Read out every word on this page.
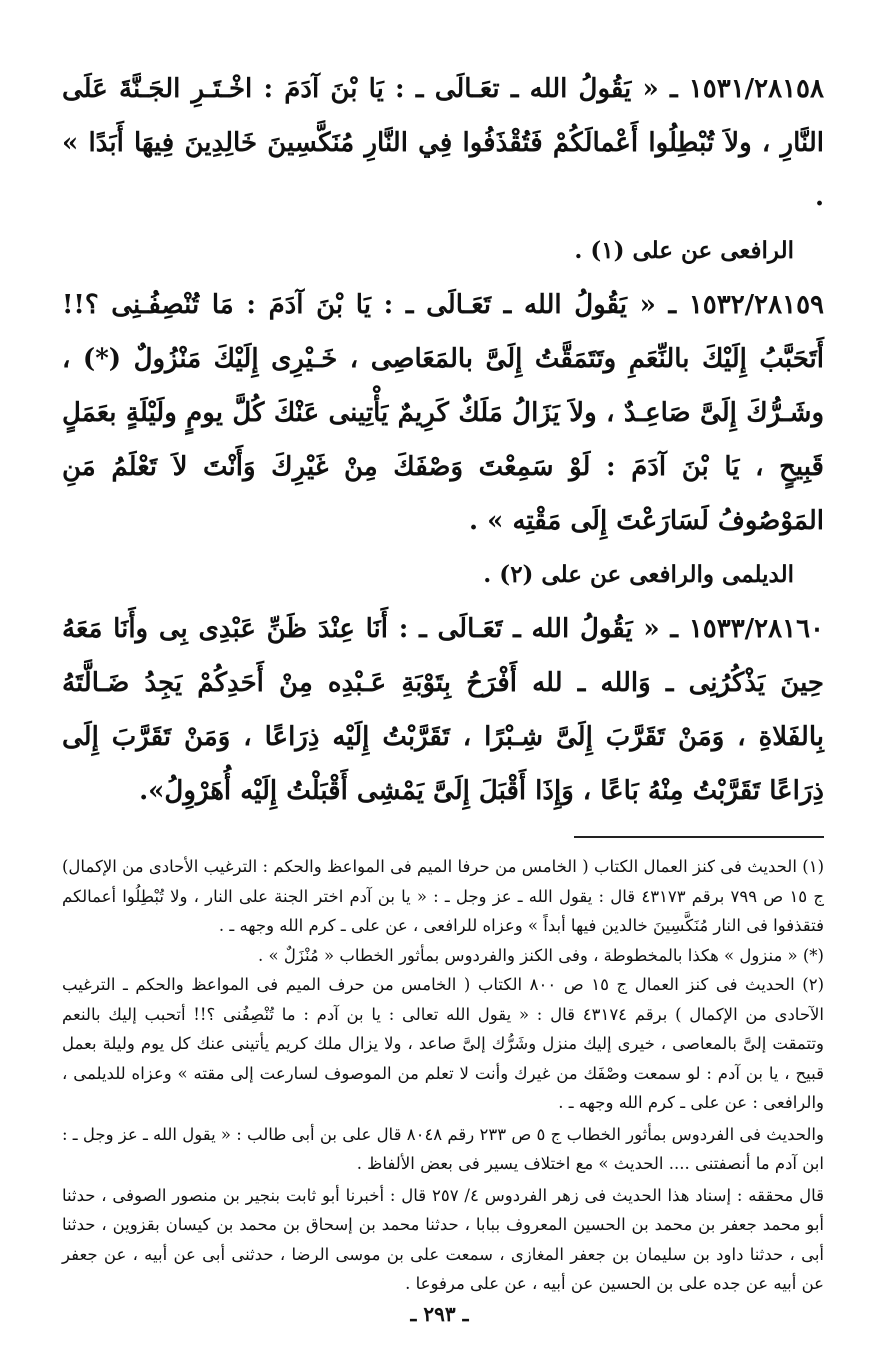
١٥٣١/٢٨١٥٨ ـ « يَقُولُ الله ـ تعَـالَى ـ : يَا بْنَ آدَمَ : اخْـتَـرِ الجَـنَّةَ عَلَى النَّارِ ، ولاَ تُبْطِلُوا أَعْمالَكُمْ فَتُقْذَفُوا فِي النَّارِ مُنَكَّسِينَ خَالِدِينَ فِيهَا أَبَدًا » .

الرافعى عن على (١) .

١٥٣٢/٢٨١٥٩ ـ « يَقُولُ الله ـ تَعَـالَى ـ : يَا بْنَ آدَمَ : مَا تُنْصِفُـنِى ؟!! أَتَحَبَّبُ إِلَيْكَ بالنِّعَمِ وتَتَمَقَّتُ إِلَىَّ بالمَعَاصِى ، خَـيْرِى إِلَيْكَ مَنْزُولٌ (*) ، وشَـرُّكَ إِلَىَّ صَاعِـدٌ ، ولاَ يَزَالُ مَلَكٌ كَرِيمٌ يَأْتِينى عَنْكَ كُلَّ يومٍ ولَيْلَةٍ بعَمَلٍ قَبِيحٍ ، يَا بْنَ آدَمَ : لَوْ سَمِعْتَ وَصْفَكَ مِنْ غَيْرِكَ وَأَنْتَ لاَ تَعْلَمُ مَنِ المَوْصُوفُ لَسَارَعْتَ إِلَى مَقْتِه » .

الديلمى والرافعى عن على (٢) .

١٥٣٣/٢٨١٦٠ ـ « يَقُولُ الله ـ تَعَـالَى ـ : أَنَا عِنْدَ ظَنِّ عَبْدِى بِى وأَنَا مَعَهُ حِينَ يَذْكُرُنِى ـ وَالله ـ لله أَفْرَحُ بِتَوْبَةِ عَـبْدِه مِنْ أَحَدِكُمْ يَجِدُ ضَـالَّتَهُ بِالفَلاةِ ، وَمَنْ تَقَرَّبَ إِلَىَّ شِـبْرًا ، تَقَرَّبْتُ إِلَيْه ذِرَاعًا ، وَمَنْ تَقَرَّبَ إِلَى ذِرَاعًا تَقَرَّبْتُ مِنْهُ بَاعًا ، وَإِذَا أَقْبَلَ إِلَىَّ يَمْشِى أَقْبَلْتُ إِلَيْه أُهَرْوِلُ».

(١) الحديث فى كنز العمال الكتاب ( الخامس من حرفا الميم فى المواعظ والحكم : الترغيب الأحادى من الإكمال) ج ١٥ ص ٧٩٩ برقم ٤٣١٧٣ قال : يقول الله ـ عز وجل ـ : « يا بن آدم اختر الجنة على النار ، ولا تُبْطِلُوا أعمالكم فتقذفوا فى النار مُنَكَّسِينَ خالدين فيها أبداً » وعزاه للرافعى ، عن على ـ كرم الله وجهه ـ .

(*) « منزول » هكذا بالمخطوطة ، وفى الكنز والفردوس بمأثور الخطاب « مُنْزَلٌ » .

(٢) الحديث فى كنز العمال ج ١٥ ص ٨٠٠ الكتاب ( الخامس من حرف الميم فى المواعظ والحكم ـ الترغيب الآحادى من الإكمال ) برقم ٤٣١٧٤ قال : « يقول الله تعالى : يا بن آدم : ما تُنْصِفُنى ؟!! أتحبب إليك بالنعم وتتمقت إلىَّ بالمعاصى ، خيرى إليك منزل وشَرُّك إلىَّ صاعد ، ولا يزال ملك كريم يأتينى عنك كل يوم وليلة بعمل قبيح ، يا بن آدم : لو سمعت وصْفَك من غيرك وأنت لا تعلم من الموصوف لسارعت إلى مقته » وعزاه للديلمى ، والرافعى : عن على ـ كرم الله وجهه ـ .

والحديث فى الفردوس بمأثور الخطاب ج ٥ ص ٢٣٣ رقم ٨٠٤٨ قال على بن أبى طالب : « يقول الله ـ عز وجل ـ : ابن آدم ما أنصفتنى .... الحديث » مع اختلاف يسير فى بعض الألفاظ .

قال محققه : إسناد هذا الحديث فى زهر الفردوس ٤/ ٢٥٧ قال : أخبرنا أبو ثابت بنجير بن منصور الصوفى ، حدثنا أبو محمد جعفر بن محمد بن الحسين المعروف ببابا ، حدثنا محمد بن إسحاق بن محمد بن كيسان بقزوين ، حدثنا أبى ، حدثنا داود بن سليمان بن جعفر المغازى ، سمعت على بن موسى الرضا ، حدثنى أبى عن أبيه ، عن جعفر عن أبيه عن جده على بن الحسين عن أبيه ، عن على مرفوعا .

ـ ٢٩٣ ـ
